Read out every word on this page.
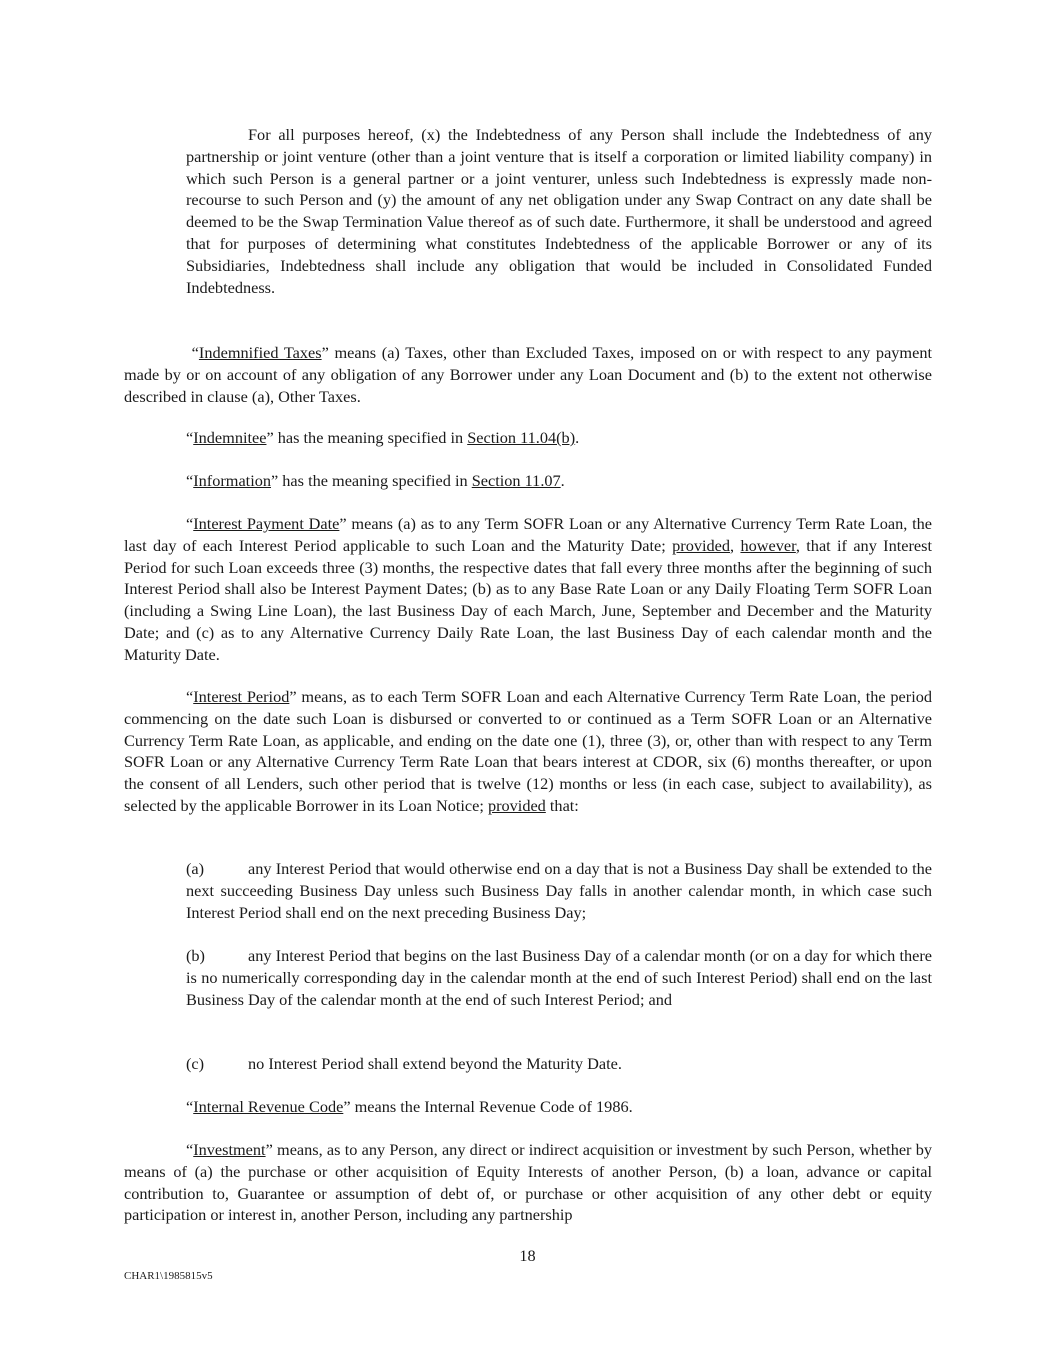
For all purposes hereof, (x) the Indebtedness of any Person shall include the Indebtedness of any partnership or joint venture (other than a joint venture that is itself a corporation or limited liability company) in which such Person is a general partner or a joint venturer, unless such Indebtedness is expressly made non-recourse to such Person and (y) the amount of any net obligation under any Swap Contract on any date shall be deemed to be the Swap Termination Value thereof as of such date. Furthermore, it shall be understood and agreed that for purposes of determining what constitutes Indebtedness of the applicable Borrower or any of its Subsidiaries, Indebtedness shall include any obligation that would be included in Consolidated Funded Indebtedness.

“Indemnified Taxes” means (a) Taxes, other than Excluded Taxes, imposed on or with respect to any payment made by or on account of any obligation of any Borrower under any Loan Document and (b) to the extent not otherwise described in clause (a), Other Taxes.

“Indemnitee” has the meaning specified in Section 11.04(b).

“Information” has the meaning specified in Section 11.07.

“Interest Payment Date” means (a) as to any Term SOFR Loan or any Alternative Currency Term Rate Loan, the last day of each Interest Period applicable to such Loan and the Maturity Date; provided, however, that if any Interest Period for such Loan exceeds three (3) months, the respective dates that fall every three months after the beginning of such Interest Period shall also be Interest Payment Dates; (b) as to any Base Rate Loan or any Daily Floating Term SOFR Loan (including a Swing Line Loan), the last Business Day of each March, June, September and December and the Maturity Date; and (c) as to any Alternative Currency Daily Rate Loan, the last Business Day of each calendar month and the Maturity Date.

“Interest Period” means, as to each Term SOFR Loan and each Alternative Currency Term Rate Loan, the period commencing on the date such Loan is disbursed or converted to or continued as a Term SOFR Loan or an Alternative Currency Term Rate Loan, as applicable, and ending on the date one (1), three (3), or, other than with respect to any Term SOFR Loan or any Alternative Currency Term Rate Loan that bears interest at CDOR, six (6) months thereafter, or upon the consent of all Lenders, such other period that is twelve (12) months or less (in each case, subject to availability), as selected by the applicable Borrower in its Loan Notice; provided that:

(a)	any Interest Period that would otherwise end on a day that is not a Business Day shall be extended to the next succeeding Business Day unless such Business Day falls in another calendar month, in which case such Interest Period shall end on the next preceding Business Day;

(b)	any Interest Period that begins on the last Business Day of a calendar month (or on a day for which there is no numerically corresponding day in the calendar month at the end of such Interest Period) shall end on the last Business Day of the calendar month at the end of such Interest Period; and

(c)	no Interest Period shall extend beyond the Maturity Date.

“Internal Revenue Code” means the Internal Revenue Code of 1986.

“Investment” means, as to any Person, any direct or indirect acquisition or investment by such Person, whether by means of (a) the purchase or other acquisition of Equity Interests of another Person, (b) a loan, advance or capital contribution to, Guarantee or assumption of debt of, or purchase or other acquisition of any other debt or equity participation or interest in, another Person, including any partnership

18
CHAR1\1985815v5
